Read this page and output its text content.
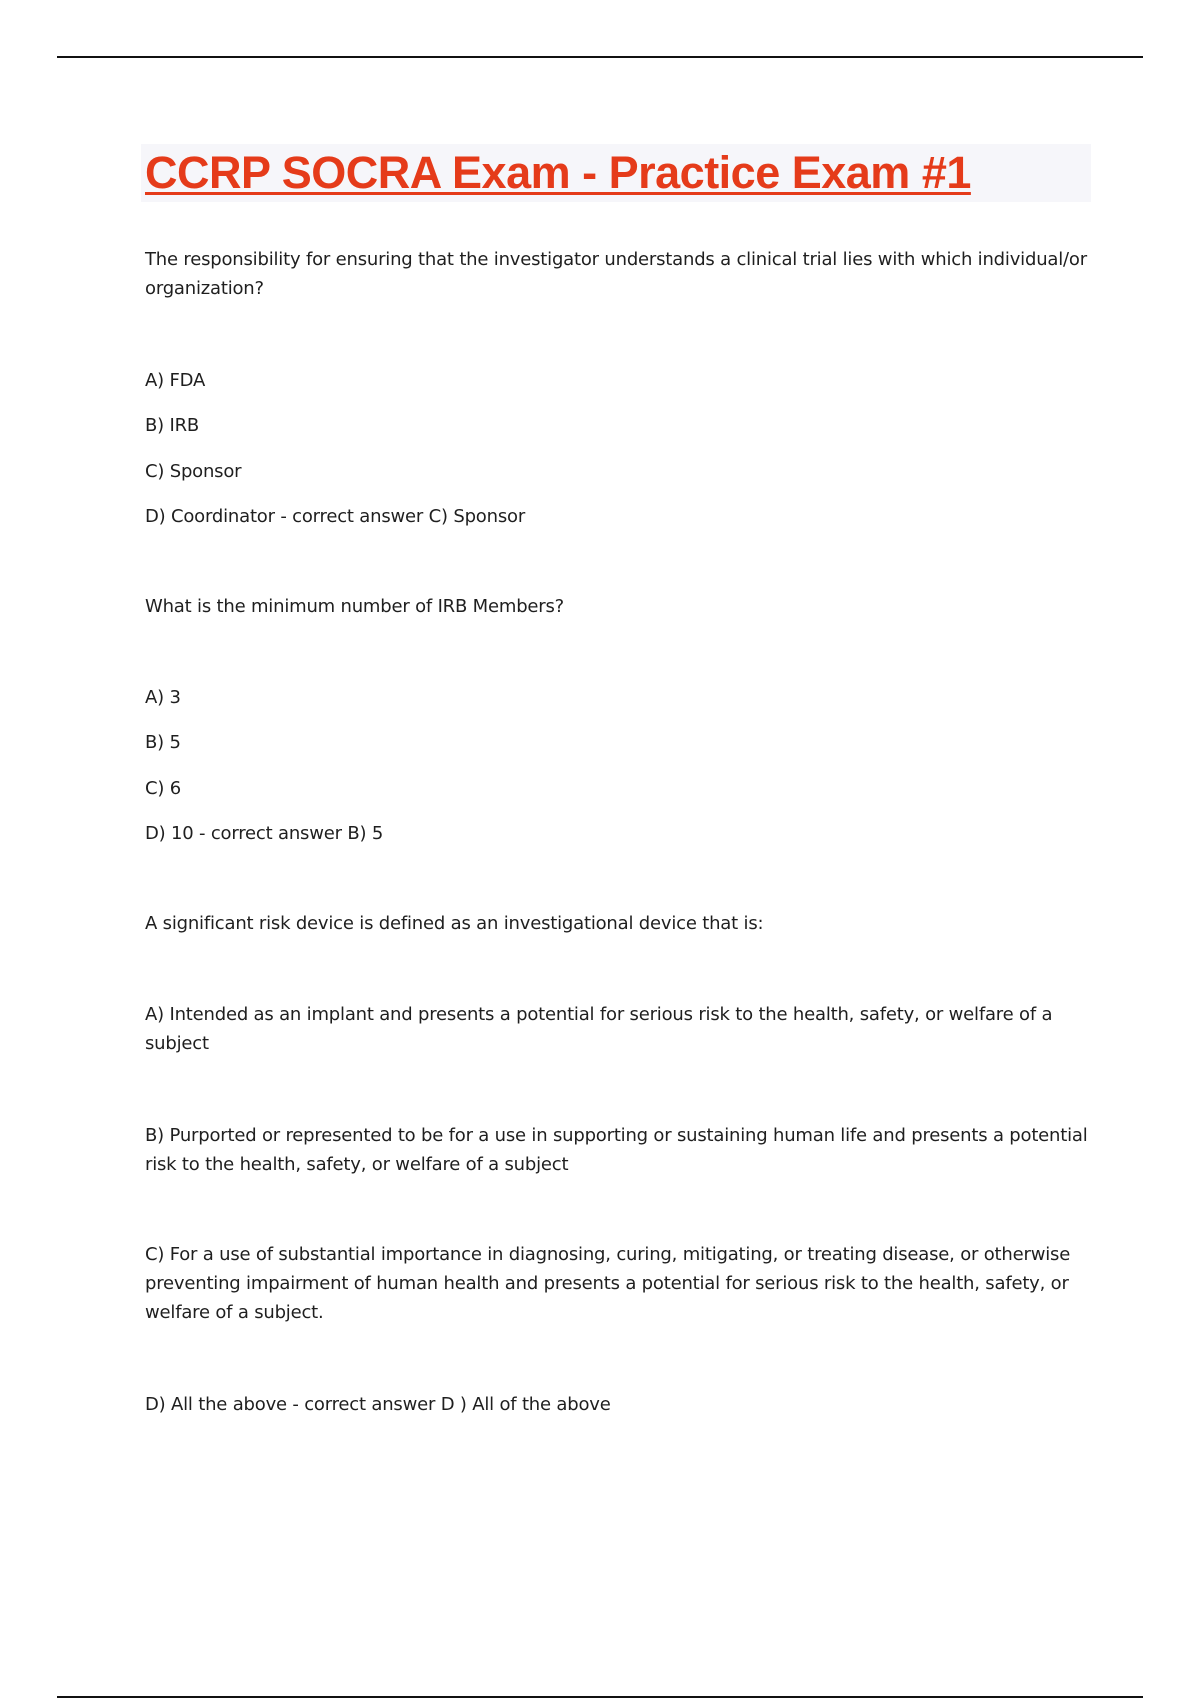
CCRP SOCRA Exam - Practice Exam #1

The responsibility for ensuring that the investigator understands a clinical trial lies with which individual/or organization?

A) FDA

B) IRB

C) Sponsor

D) Coordinator - correct answer C) Sponsor

What is the minimum number of IRB Members?

A) 3

B) 5

C) 6

D) 10 - correct answer B) 5

A significant risk device is defined as an investigational device that is:

A) Intended as an implant and presents a potential for serious risk to the health, safety, or welfare of a subject

B) Purported or represented to be for a use in supporting or sustaining human life and presents a potential risk to the health, safety, or welfare of a subject

C) For a use of substantial importance in diagnosing, curing, mitigating, or treating disease, or otherwise preventing impairment of human health and presents a potential for serious risk to the health, safety, or welfare of a subject.

D) All the above - correct answer D ) All of the above
